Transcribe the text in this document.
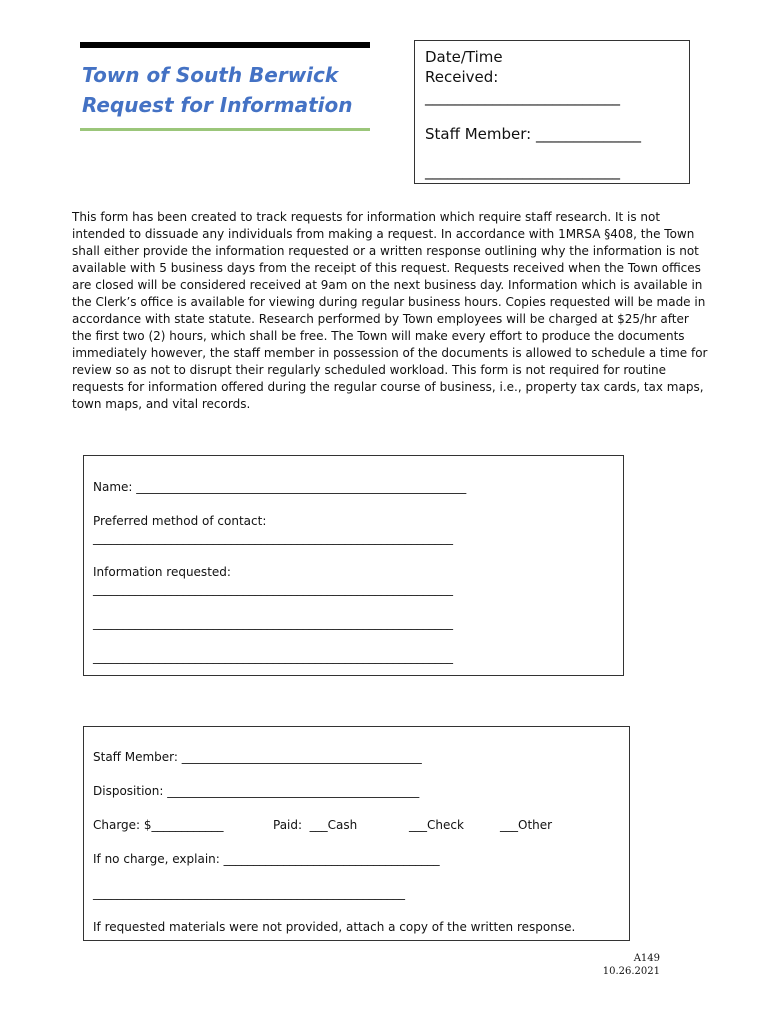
Town of South Berwick
Request for Information
Date/Time
Received:
__________________________
Staff Member: ______________
__________________________

This form has been created to track requests for information which require staff research. It is not intended to dissuade any individuals from making a request. In accordance with 1MRSA §408, the Town shall either provide the information requested or a written response outlining why the information is not available with 5 business days from the receipt of this request. Requests received when the Town offices are closed will be considered received at 9am on the next business day. Information which is available in the Clerk’s office is available for viewing during regular business hours. Copies requested will be made in accordance with state statute. Research performed by Town employees will be charged at $25/hr after the first two (2) hours, which shall be free. The Town will make every effort to produce the documents immediately however, the staff member in possession of the documents is allowed to schedule a time for review so as not to disrupt their regularly scheduled workload. This form is not required for routine requests for information offered during the regular course of business, i.e., property tax cards, tax maps, town maps, and vital records.

Name: _______________________________________________________
Preferred method of contact:
____________________________________________________________
Information requested:
____________________________________________________________
____________________________________________________________
____________________________________________________________
Staff Member: ________________________________________
Disposition: __________________________________________
Charge: $____________	Paid:  ___Cash	___Check	___Other
If no charge, explain: ____________________________________
____________________________________________________
If requested materials were not provided, attach a copy of the written response.
A149
10.26.2021
